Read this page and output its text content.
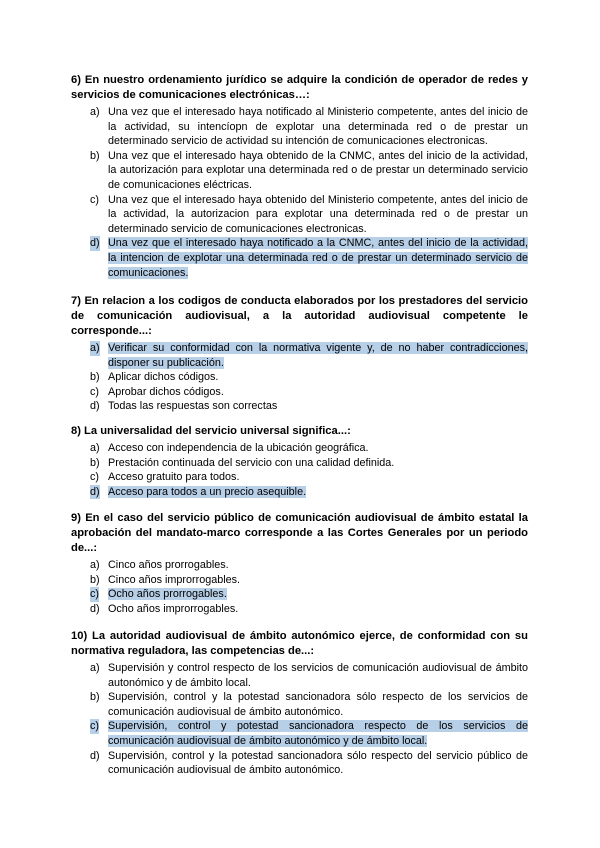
6) En nuestro ordenamiento jurídico se adquire la condición de operador de redes y servicios de comunicaciones electrónicas…:

a) Una vez que el interesado haya notificado al Ministerio competente, antes del inicio de la actividad, su intencíopn de explotar una determinada red o de prestar un determinado servicio de actividad su intención de comunicaciones electronicas.
b) Una vez que el interesado haya obtenido de la CNMC, antes del inicio de la actividad, la autorización para explotar una determinada red o de prestar un determinado servicio de comunicaciones eléctricas.
c) Una vez que el interesado haya obtenido del Ministerio competente, antes del inicio de la actividad, la autorizacion para explotar una determinada red o de prestar un determinado servicio de comunicaciones electronicas.
d) Una vez que el interesado haya notificado a la CNMC, antes del inicio de la actividad, la intencion de explotar una determinada red o de prestar un determinado servicio de comunicaciones.

7) En relacion a los codigos de conducta elaborados por los prestadores del servicio de comunicación audiovisual, a la autoridad audiovisual competente le corresponde...:

a) Verificar su conformidad con la normativa vigente y, de no haber contradicciones, disponer su publicación.
b) Aplicar dichos códigos.
c) Aprobar dichos códigos.
d) Todas las respuestas son correctas

8) La universalidad del servicio universal significa...:

a) Acceso con independencia de la ubicación geográfica.
b) Prestación continuada del servicio con una calidad definida.
c) Acceso gratuito para todos.
d) Acceso para todos a un precio asequible.

9) En el caso del servicio público de comunicación audiovisual de ámbito estatal la aprobación del mandato-marco corresponde a las Cortes Generales por un periodo de...:

a) Cinco años prorrogables.
b) Cinco años improrrogables.
c) Ocho años prorrogables.
d) Ocho años improrrogables.

10) La autoridad audiovisual de ámbito autonómico ejerce, de conformidad con su normativa reguladora, las competencias de...:

a) Supervisión y control respecto de los servicios de comunicación audiovisual de ámbito autonómico y de ámbito local.
b) Supervisión, control y la potestad sancionadora sólo respecto de los servicios de comunicación audiovisual de ámbito autonómico.
c) Supervisión, control y potestad sancionadora respecto de los servicios de comunicación audiovisual de ámbito autonómico y de ámbito local.
d) Supervisión, control y la potestad sancionadora sólo respecto del servicio público de comunicación audiovisual de ámbito autonómico.
